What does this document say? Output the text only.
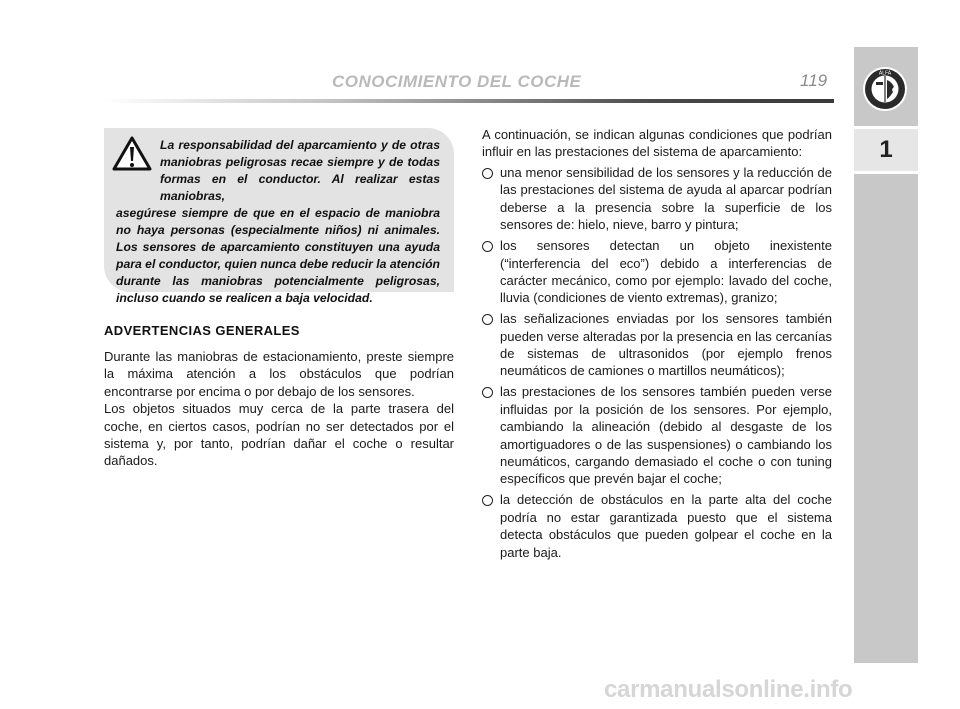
CONOCIMIENTO DEL COCHE	119	ALFA
1
La responsabilidad del aparcamiento y de otras maniobras peligrosas recae siempre y de todas formas en el conductor. Al realizar estas maniobras,
asegúrese siempre de que en el espacio de maniobra no haya personas (especialmente niños) ni animales. Los sensores de aparcamiento constituyen una ayuda para el conductor, quien nunca debe reducir la atención durante las maniobras potencialmente peligrosas, incluso cuando se realicen a baja velocidad.
ADVERTENCIAS GENERALES

Durante las maniobras de estacionamiento, preste siempre la máxima atención a los obstáculos que podrían encontrarse por encima o por debajo de los sensores.

Los objetos situados muy cerca de la parte trasera del coche, en ciertos casos, podrían no ser detectados por el sistema y, por tanto, podrían dañar el coche o resultar dañados.

A continuación, se indican algunas condiciones que podrían influir en las prestaciones del sistema de aparcamiento:
una menor sensibilidad de los sensores y la reducción de las prestaciones del sistema de ayuda al aparcar podrían deberse a la presencia sobre la superficie de los sensores de: hielo, nieve, barro y pintura;
los sensores detectan un objeto inexistente (“interferencia del eco”) debido a interferencias de carácter mecánico, como por ejemplo: lavado del coche, lluvia (condiciones de viento extremas), granizo;
las señalizaciones enviadas por los sensores también pueden verse alteradas por la presencia en las cercanías de sistemas de ultrasonidos (por ejemplo frenos neumáticos de camiones o martillos neumáticos);
las prestaciones de los sensores también pueden verse influidas por la posición de los sensores. Por ejemplo, cambiando la alineación (debido al desgaste de los amortiguadores o de las suspensiones) o cambiando los neumáticos, cargando demasiado el coche o con tuning específicos que prevén bajar el coche;
la detección de obstáculos en la parte alta del coche podría no estar garantizada puesto que el sistema detecta obstáculos que pueden golpear el coche en la parte baja.
carmanualsonline.info
